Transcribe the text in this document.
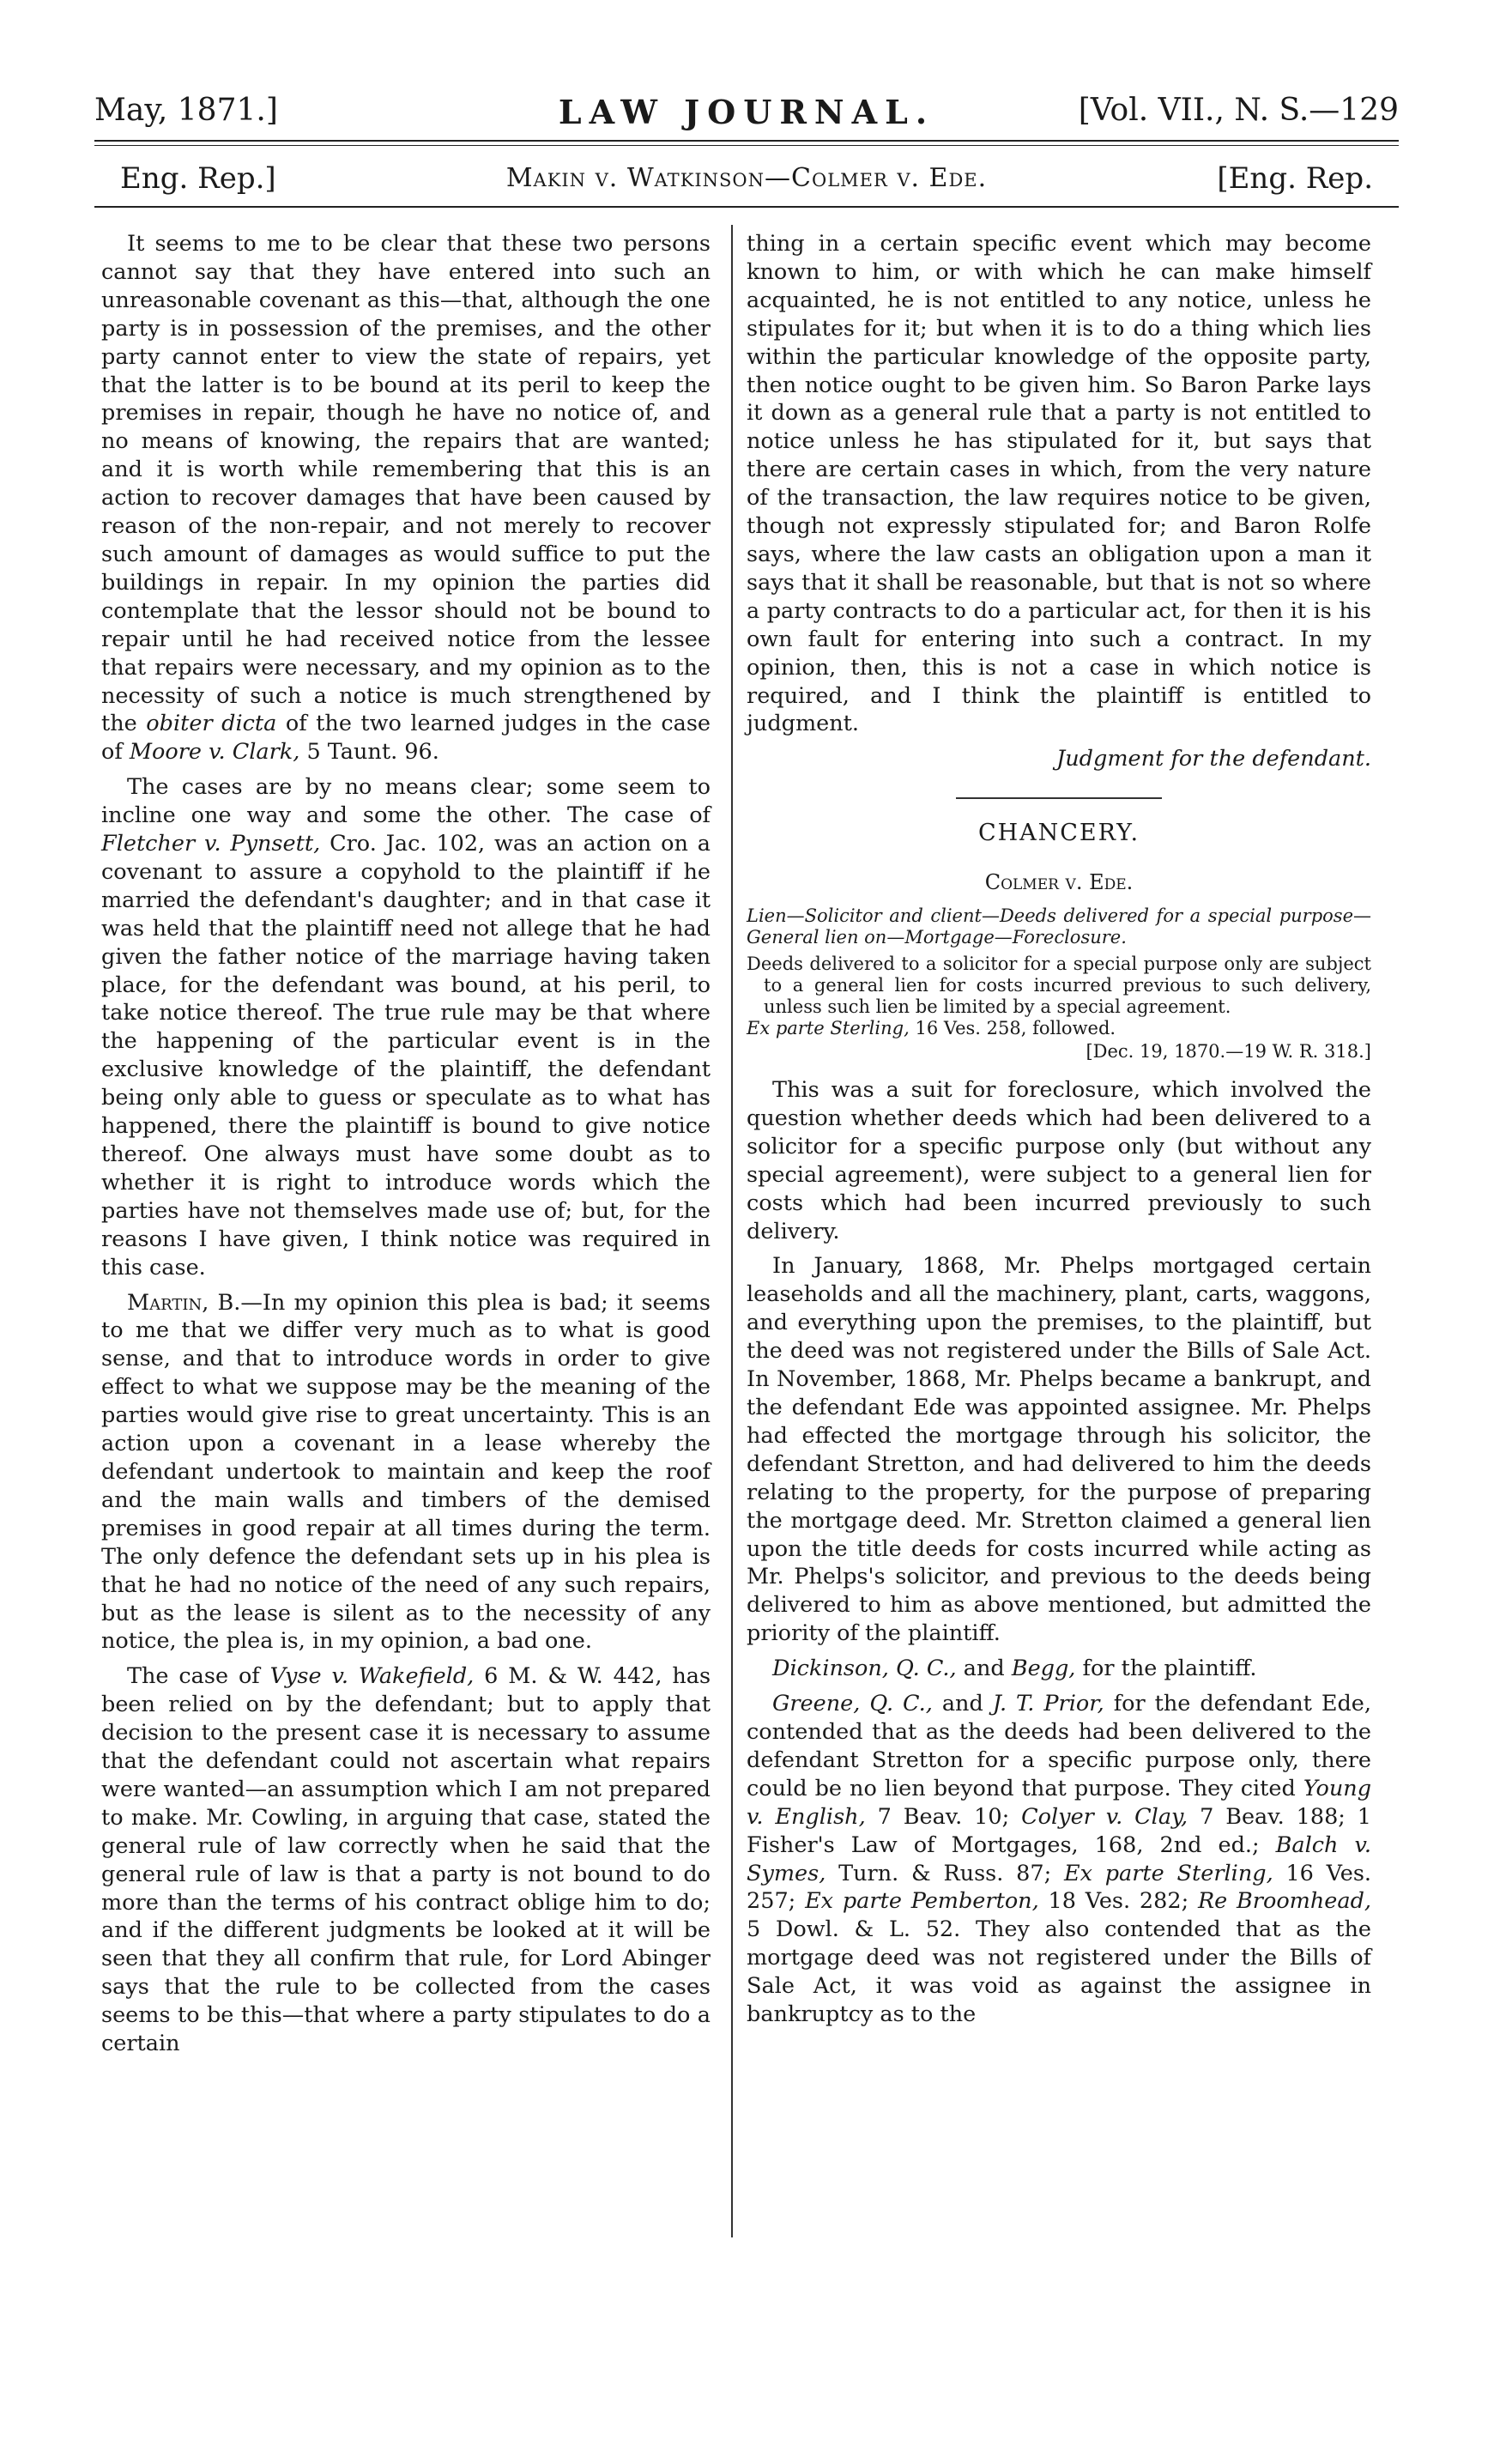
May, 1871.]	LAW JOURNAL.	[Vol. VII., N. S.—129
Eng. Rep.]	Makin v. Watkinson—Colmer v. Ede.	[Eng. Rep.

It seems to me to be clear that these two persons cannot say that they have entered into such an unreasonable covenant as this—that, although the one party is in possession of the premises, and the other party cannot enter to view the state of repairs, yet that the latter is to be bound at its peril to keep the premises in repair, though he have no notice of, and no means of knowing, the repairs that are wanted; and it is worth while remembering that this is an action to recover damages that have been caused by reason of the non-repair, and not merely to recover such amount of damages as would suffice to put the buildings in repair. In my opinion the parties did contemplate that the lessor should not be bound to repair until he had received notice from the lessee that repairs were necessary, and my opinion as to the necessity of such a notice is much strengthened by the obiter dicta of the two learned judges in the case of Moore v. Clark, 5 Taunt. 96.

The cases are by no means clear; some seem to incline one way and some the other. The case of Fletcher v. Pynsett, Cro. Jac. 102, was an action on a covenant to assure a copyhold to the plaintiff if he married the defendant's daughter; and in that case it was held that the plaintiff need not allege that he had given the father notice of the marriage having taken place, for the defendant was bound, at his peril, to take notice thereof. The true rule may be that where the happening of the particular event is in the exclusive knowledge of the plaintiff, the defendant being only able to guess or speculate as to what has happened, there the plaintiff is bound to give notice thereof. One always must have some doubt as to whether it is right to introduce words which the parties have not themselves made use of; but, for the reasons I have given, I think notice was required in this case.

Martin, B.—In my opinion this plea is bad; it seems to me that we differ very much as to what is good sense, and that to introduce words in order to give effect to what we suppose may be the meaning of the parties would give rise to great uncertainty. This is an action upon a covenant in a lease whereby the defendant undertook to maintain and keep the roof and the main walls and timbers of the demised premises in good repair at all times during the term. The only defence the defendant sets up in his plea is that he had no notice of the need of any such repairs, but as the lease is silent as to the necessity of any notice, the plea is, in my opinion, a bad one.

The case of Vyse v. Wakefield, 6 M. & W. 442, has been relied on by the defendant; but to apply that decision to the present case it is necessary to assume that the defendant could not ascertain what repairs were wanted—an assumption which I am not prepared to make. Mr. Cowling, in arguing that case, stated the general rule of law correctly when he said that the general rule of law is that a party is not bound to do more than the terms of his contract oblige him to do; and if the different judgments be looked at it will be seen that they all confirm that rule, for Lord Abinger says that the rule to be collected from the cases seems to be this—that where a party stipulates to do a certain

thing in a certain specific event which may become known to him, or with which he can make himself acquainted, he is not entitled to any notice, unless he stipulates for it; but when it is to do a thing which lies within the particular knowledge of the opposite party, then notice ought to be given him. So Baron Parke lays it down as a general rule that a party is not entitled to notice unless he has stipulated for it, but says that there are certain cases in which, from the very nature of the transaction, the law requires notice to be given, though not expressly stipulated for; and Baron Rolfe says, where the law casts an obligation upon a man it says that it shall be reasonable, but that is not so where a party contracts to do a particular act, for then it is his own fault for entering into such a contract. In my opinion, then, this is not a case in which notice is required, and I think the plaintiff is entitled to judgment.

Judgment for the defendant.
CHANCERY.
Colmer v. Ede.
Lien—Solicitor and client—Deeds delivered for a special purpose—General lien on—Mortgage—Foreclosure.
Deeds delivered to a solicitor for a special purpose only are subject to a general lien for costs incurred previous to such delivery, unless such lien be limited by a special agreement.
Ex parte Sterling, 16 Ves. 258, followed.
[Dec. 19, 1870.—19 W. R. 318.]

This was a suit for foreclosure, which involved the question whether deeds which had been delivered to a solicitor for a specific purpose only (but without any special agreement), were subject to a general lien for costs which had been incurred previously to such delivery.

In January, 1868, Mr. Phelps mortgaged certain leaseholds and all the machinery, plant, carts, waggons, and everything upon the premises, to the plaintiff, but the deed was not registered under the Bills of Sale Act. In November, 1868, Mr. Phelps became a bankrupt, and the defendant Ede was appointed assignee. Mr. Phelps had effected the mortgage through his solicitor, the defendant Stretton, and had delivered to him the deeds relating to the property, for the purpose of preparing the mortgage deed. Mr. Stretton claimed a general lien upon the title deeds for costs incurred while acting as Mr. Phelps's solicitor, and previous to the deeds being delivered to him as above mentioned, but admitted the priority of the plaintiff.

Dickinson, Q. C., and Begg, for the plaintiff.

Greene, Q. C., and J. T. Prior, for the defendant Ede, contended that as the deeds had been delivered to the defendant Stretton for a specific purpose only, there could be no lien beyond that purpose. They cited Young v. English, 7 Beav. 10; Colyer v. Clay, 7 Beav. 188; 1 Fisher's Law of Mortgages, 168, 2nd ed.; Balch v. Symes, Turn. & Russ. 87; Ex parte Sterling, 16 Ves. 257; Ex parte Pemberton, 18 Ves. 282; Re Broomhead, 5 Dowl. & L. 52. They also contended that as the mortgage deed was not registered under the Bills of Sale Act, it was void as against the assignee in bankruptcy as to the
